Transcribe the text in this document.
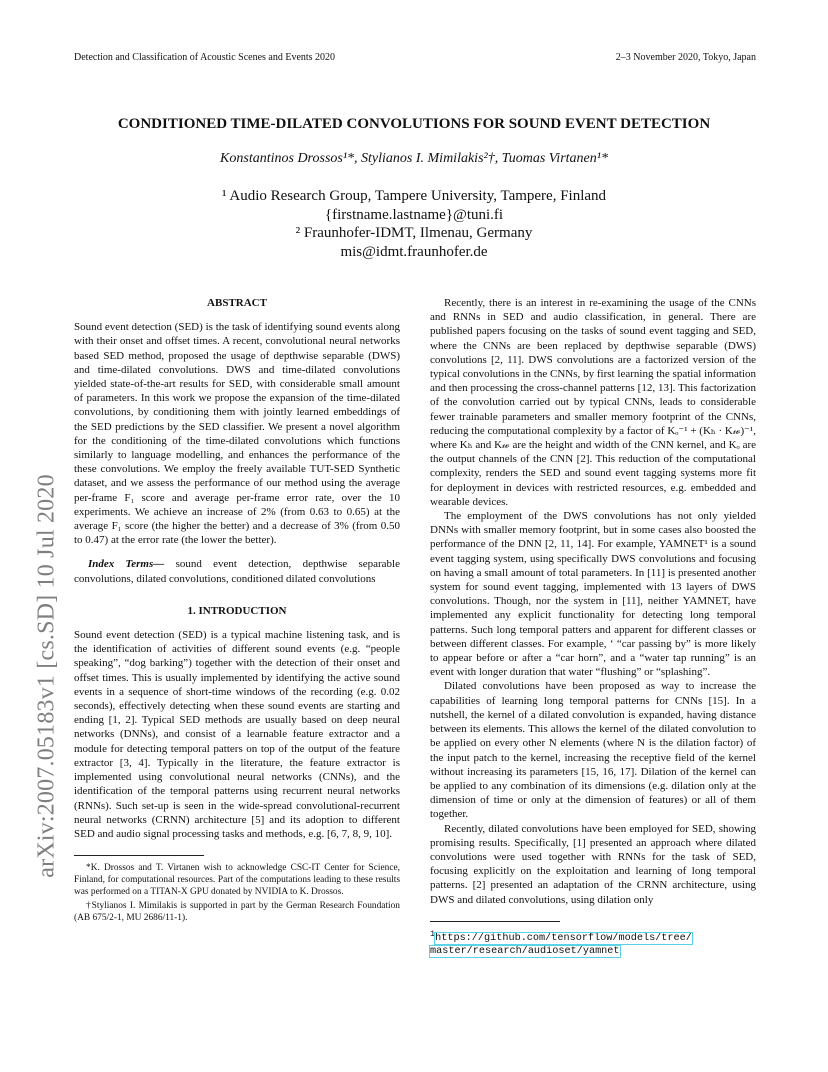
Detection and Classification of Acoustic Scenes and Events 2020	2–3 November 2020, Tokyo, Japan
arXiv:2007.05183v1 [cs.SD] 10 Jul 2020
CONDITIONED TIME-DILATED CONVOLUTIONS FOR SOUND EVENT DETECTION
Konstantinos Drossos¹*, Stylianos I. Mimilakis²†, Tuomas Virtanen¹*
¹ Audio Research Group, Tampere University, Tampere, Finland
{firstname.lastname}@tuni.fi
² Fraunhofer-IDMT, Ilmenau, Germany
mis@idmt.fraunhofer.de
ABSTRACT

Sound event detection (SED) is the task of identifying sound events along with their onset and offset times. A recent, convolutional neural networks based SED method, proposed the usage of depthwise separable (DWS) and time-dilated convolutions. DWS and time-dilated convolutions yielded state-of-the-art results for SED, with considerable small amount of parameters. In this work we propose the expansion of the time-dilated convolutions, by conditioning them with jointly learned embeddings of the SED predictions by the SED classifier. We present a novel algorithm for the conditioning of the time-dilated convolutions which functions similarly to language modelling, and enhances the performance of the these convolutions. We employ the freely available TUT-SED Synthetic dataset, and we assess the performance of our method using the average per-frame F₁ score and average per-frame error rate, over the 10 experiments. We achieve an increase of 2% (from 0.63 to 0.65) at the average F₁ score (the higher the better) and a decrease of 3% (from 0.50 to 0.47) at the error rate (the lower the better).

Index Terms— sound event detection, depthwise separable convolutions, dilated convolutions, conditioned dilated convolutions

1. INTRODUCTION

Sound event detection (SED) is a typical machine listening task, and is the identification of activities of different sound events (e.g. “people speaking”, “dog barking”) together with the detection of their onset and offset times. This is usually implemented by identifying the active sound events in a sequence of short-time windows of the recording (e.g. 0.02 seconds), effectively detecting when these sound events are starting and ending [1, 2]. Typical SED methods are usually based on deep neural networks (DNNs), and consist of a learnable feature extractor and a module for detecting temporal patters on top of the output of the feature extractor [3, 4]. Typically in the literature, the feature extractor is implemented using convolutional neural networks (CNNs), and the identification of the temporal patterns using recurrent neural networks (RNNs). Such set-up is seen in the wide-spread convolutional-recurrent neural networks (CRNN) architecture [5] and its adoption to different SED and audio signal processing tasks and methods, e.g. [6, 7, 8, 9, 10].

*K. Drossos and T. Virtanen wish to acknowledge CSC-IT Center for Science, Finland, for computational resources. Part of the computations leading to these results was performed on a TITAN-X GPU donated by NVIDIA to K. Drossos.

†Stylianos I. Mimilakis is supported in part by the German Research Foundation (AB 675/2-1, MU 2686/11-1).

Recently, there is an interest in re-examining the usage of the CNNs and RNNs in SED and audio classification, in general. There are published papers focusing on the tasks of sound event tagging and SED, where the CNNs are been replaced by depthwise separable (DWS) convolutions [2, 11]. DWS convolutions are a factorized version of the typical convolutions in the CNNs, by first learning the spatial information and then processing the cross-channel patterns [12, 13]. This factorization of the convolution carried out by typical CNNs, leads to considerable fewer trainable parameters and smaller memory footprint of the CNNs, reducing the computational complexity by a factor of Kₒ⁻¹ + (Kₕ · K𝓌)⁻¹, where Kₕ and K𝓌 are the height and width of the CNN kernel, and Kₒ are the output channels of the CNN [2]. This reduction of the computational complexity, renders the SED and sound event tagging systems more fit for deployment in devices with restricted resources, e.g. embedded and wearable devices.

The employment of the DWS convolutions has not only yielded DNNs with smaller memory footprint, but in some cases also boosted the performance of the DNN [2, 11, 14]. For example, YAMNET¹ is a sound event tagging system, using specifically DWS convolutions and focusing on having a small amount of total parameters. In [11] is presented another system for sound event tagging, implemented with 13 layers of DWS convolutions. Though, nor the system in [11], neither YAMNET, have implemented any explicit functionality for detecting long temporal patterns. Such long temporal patters and apparent for different classes or between different classes. For example, ‘ “car passing by” is more likely to appear before or after a “car horn”, and a “water tap running” is an event with longer duration that water “flushing” or “splashing”.

Dilated convolutions have been proposed as way to increase the capabilities of learning long temporal patterns for CNNs [15]. In a nutshell, the kernel of a dilated convolution is expanded, having distance between its elements. This allows the kernel of the dilated convolution to be applied on every other N elements (where N is the dilation factor) of the input patch to the kernel, increasing the receptive field of the kernel without increasing its parameters [15, 16, 17]. Dilation of the kernel can be applied to any combination of its dimensions (e.g. dilation only at the dimension of time or only at the dimension of features) or all of them together.

Recently, dilated convolutions have been employed for SED, showing promising results. Specifically, [1] presented an approach where dilated convolutions were used together with RNNs for the task of SED, focusing explicitly on the exploitation and learning of long temporal patterns. [2] presented an adaptation of the CRNN architecture, using DWS and dilated convolutions, using dilation only

$^1$https://github.com/tensorflow/models/tree/
master/research/audioset/yamnet
